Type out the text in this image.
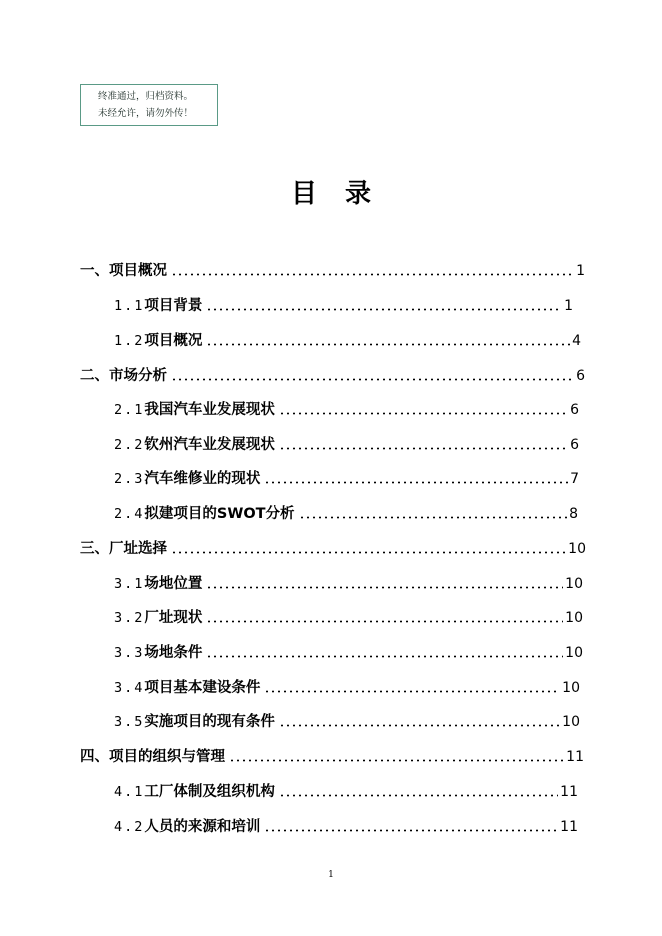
终准通过，归档资料。
未经允许，请勿外传！
目录
一、项目概况	1
1.1项目背景	1
1.2项目概况	4
二、市场分析	6
2.1我国汽车业发展现状	6
2.2钦州汽车业发展现状	6
2.3汽车维修业的现状	7
2.4拟建项目的SWOT分析	8
三、厂址选择	10
3.1场地位置	10
3.2厂址现状	10
3.3场地条件	10
3.4项目基本建设条件	10
3.5实施项目的现有条件	10
四、项目的组织与管理	11
4.1工厂体制及组织机构	11
4.2人员的来源和培训	11
1
